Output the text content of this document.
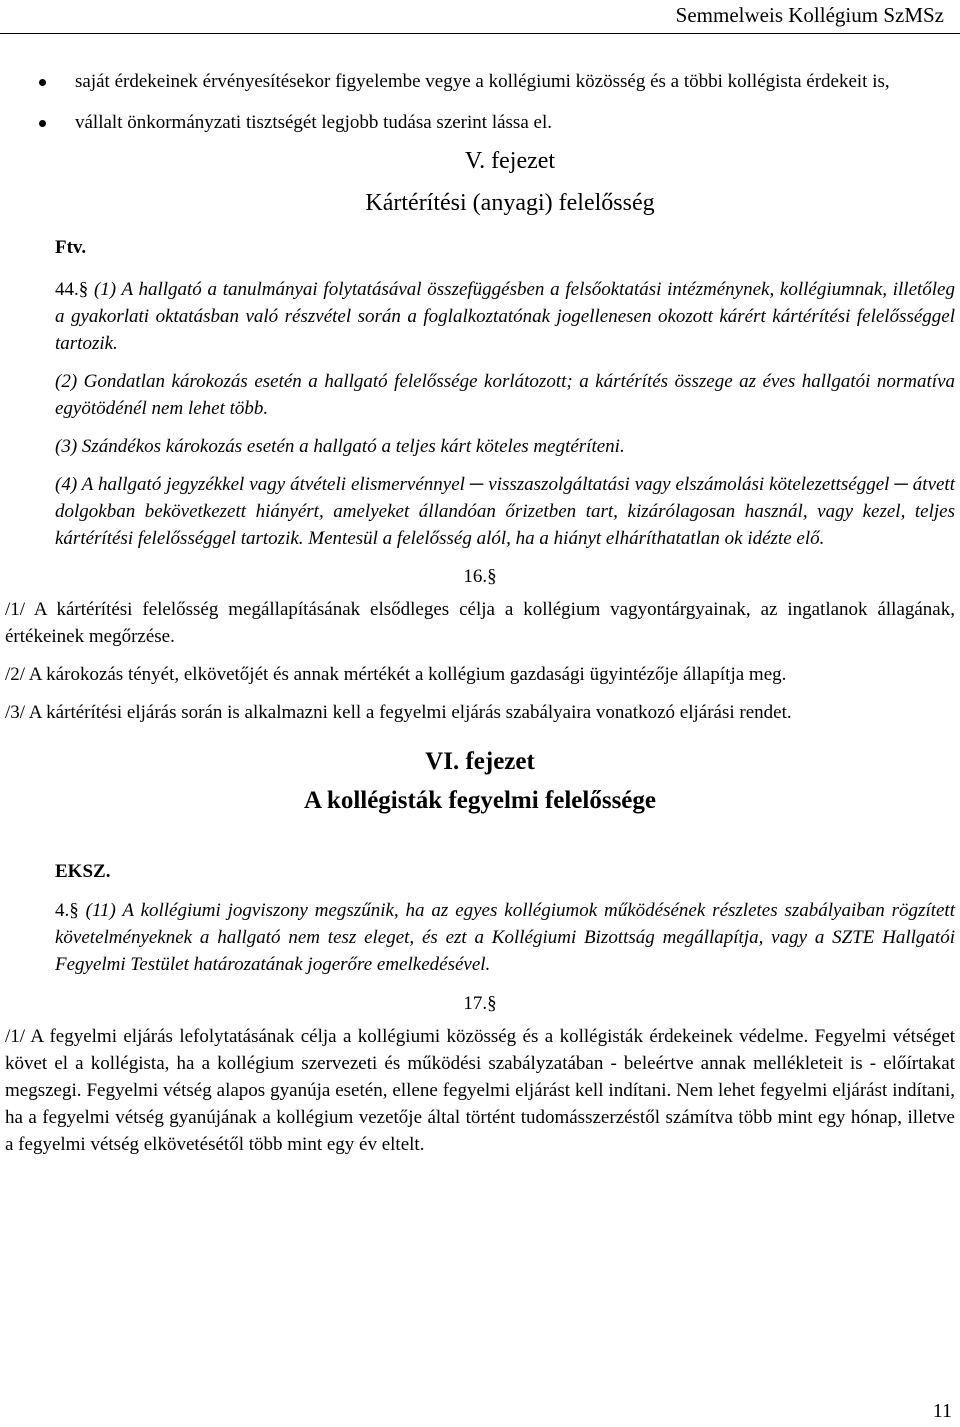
Semmelweis Kollégium SzMSz
saját érdekeinek érvényesítésekor figyelembe vegye a kollégiumi közösség és a többi kollégista érdekeit is,
vállalt önkormányzati tisztségét legjobb tudása szerint lássa el.
V. fejezet
Kártérítési (anyagi) felelősség
Ftv.

44.§ (1) A hallgató a tanulmányai folytatásával összefüggésben a felsőoktatási intézménynek, kollégiumnak, illetőleg a gyakorlati oktatásban való részvétel során a foglalkoztatónak jogellenesen okozott kárért kártérítési felelősséggel tartozik.

(2) Gondatlan károkozás esetén a hallgató felelőssége korlátozott; a kártérítés összege az éves hallgatói normatíva egyötödénél nem lehet több.

(3) Szándékos károkozás esetén a hallgató a teljes kárt köteles megtéríteni.

(4) A hallgató jegyzékkel vagy átvételi elismervénnyel ─ visszaszolgáltatási vagy elszámolási kötelezettséggel ─ átvett dolgokban bekövetkezett hiányért, amelyeket állandóan őrizetben tart, kizárólagosan használ, vagy kezel, teljes kártérítési felelősséggel tartozik. Mentesül a felelősség alól, ha a hiányt elháríthatatlan ok idézte elő.

16.§

/1/ A kártérítési felelősség megállapításának elsődleges célja a kollégium vagyontárgyainak, az ingatlanok állagának, értékeinek megőrzése.

/2/ A károkozás tényét, elkövetőjét és annak mértékét a kollégium gazdasági ügyintézője állapítja meg.

/3/ A kártérítési eljárás során is alkalmazni kell a fegyelmi eljárás szabályaira vonatkozó eljárási rendet.

VI. fejezet
A kollégisták fegyelmi felelőssége
EKSZ.

4.§ (11) A kollégiumi jogviszony megszűnik, ha az egyes kollégiumok működésének részletes szabályaiban rögzített követelményeknek a hallgató nem tesz eleget, és ezt a Kollégiumi Bizottság megállapítja, vagy a SZTE Hallgatói Fegyelmi Testület határozatának jogerőre emelkedésével.

17.§

/1/ A fegyelmi eljárás lefolytatásának célja a kollégiumi közösség és a kollégisták érdekeinek védelme. Fegyelmi vétséget követ el a kollégista, ha a kollégium szervezeti és működési szabályzatában - beleértve annak mellékleteit is - előírtakat megszegi. Fegyelmi vétség alapos gyanúja esetén, ellene fegyelmi eljárást kell indítani. Nem lehet fegyelmi eljárást indítani, ha a fegyelmi vétség gyanújának a kollégium vezetője által történt tudomásszerzéstől számítva több mint egy hónap, illetve a fegyelmi vétség elkövetésétől több mint egy év eltelt.

11
